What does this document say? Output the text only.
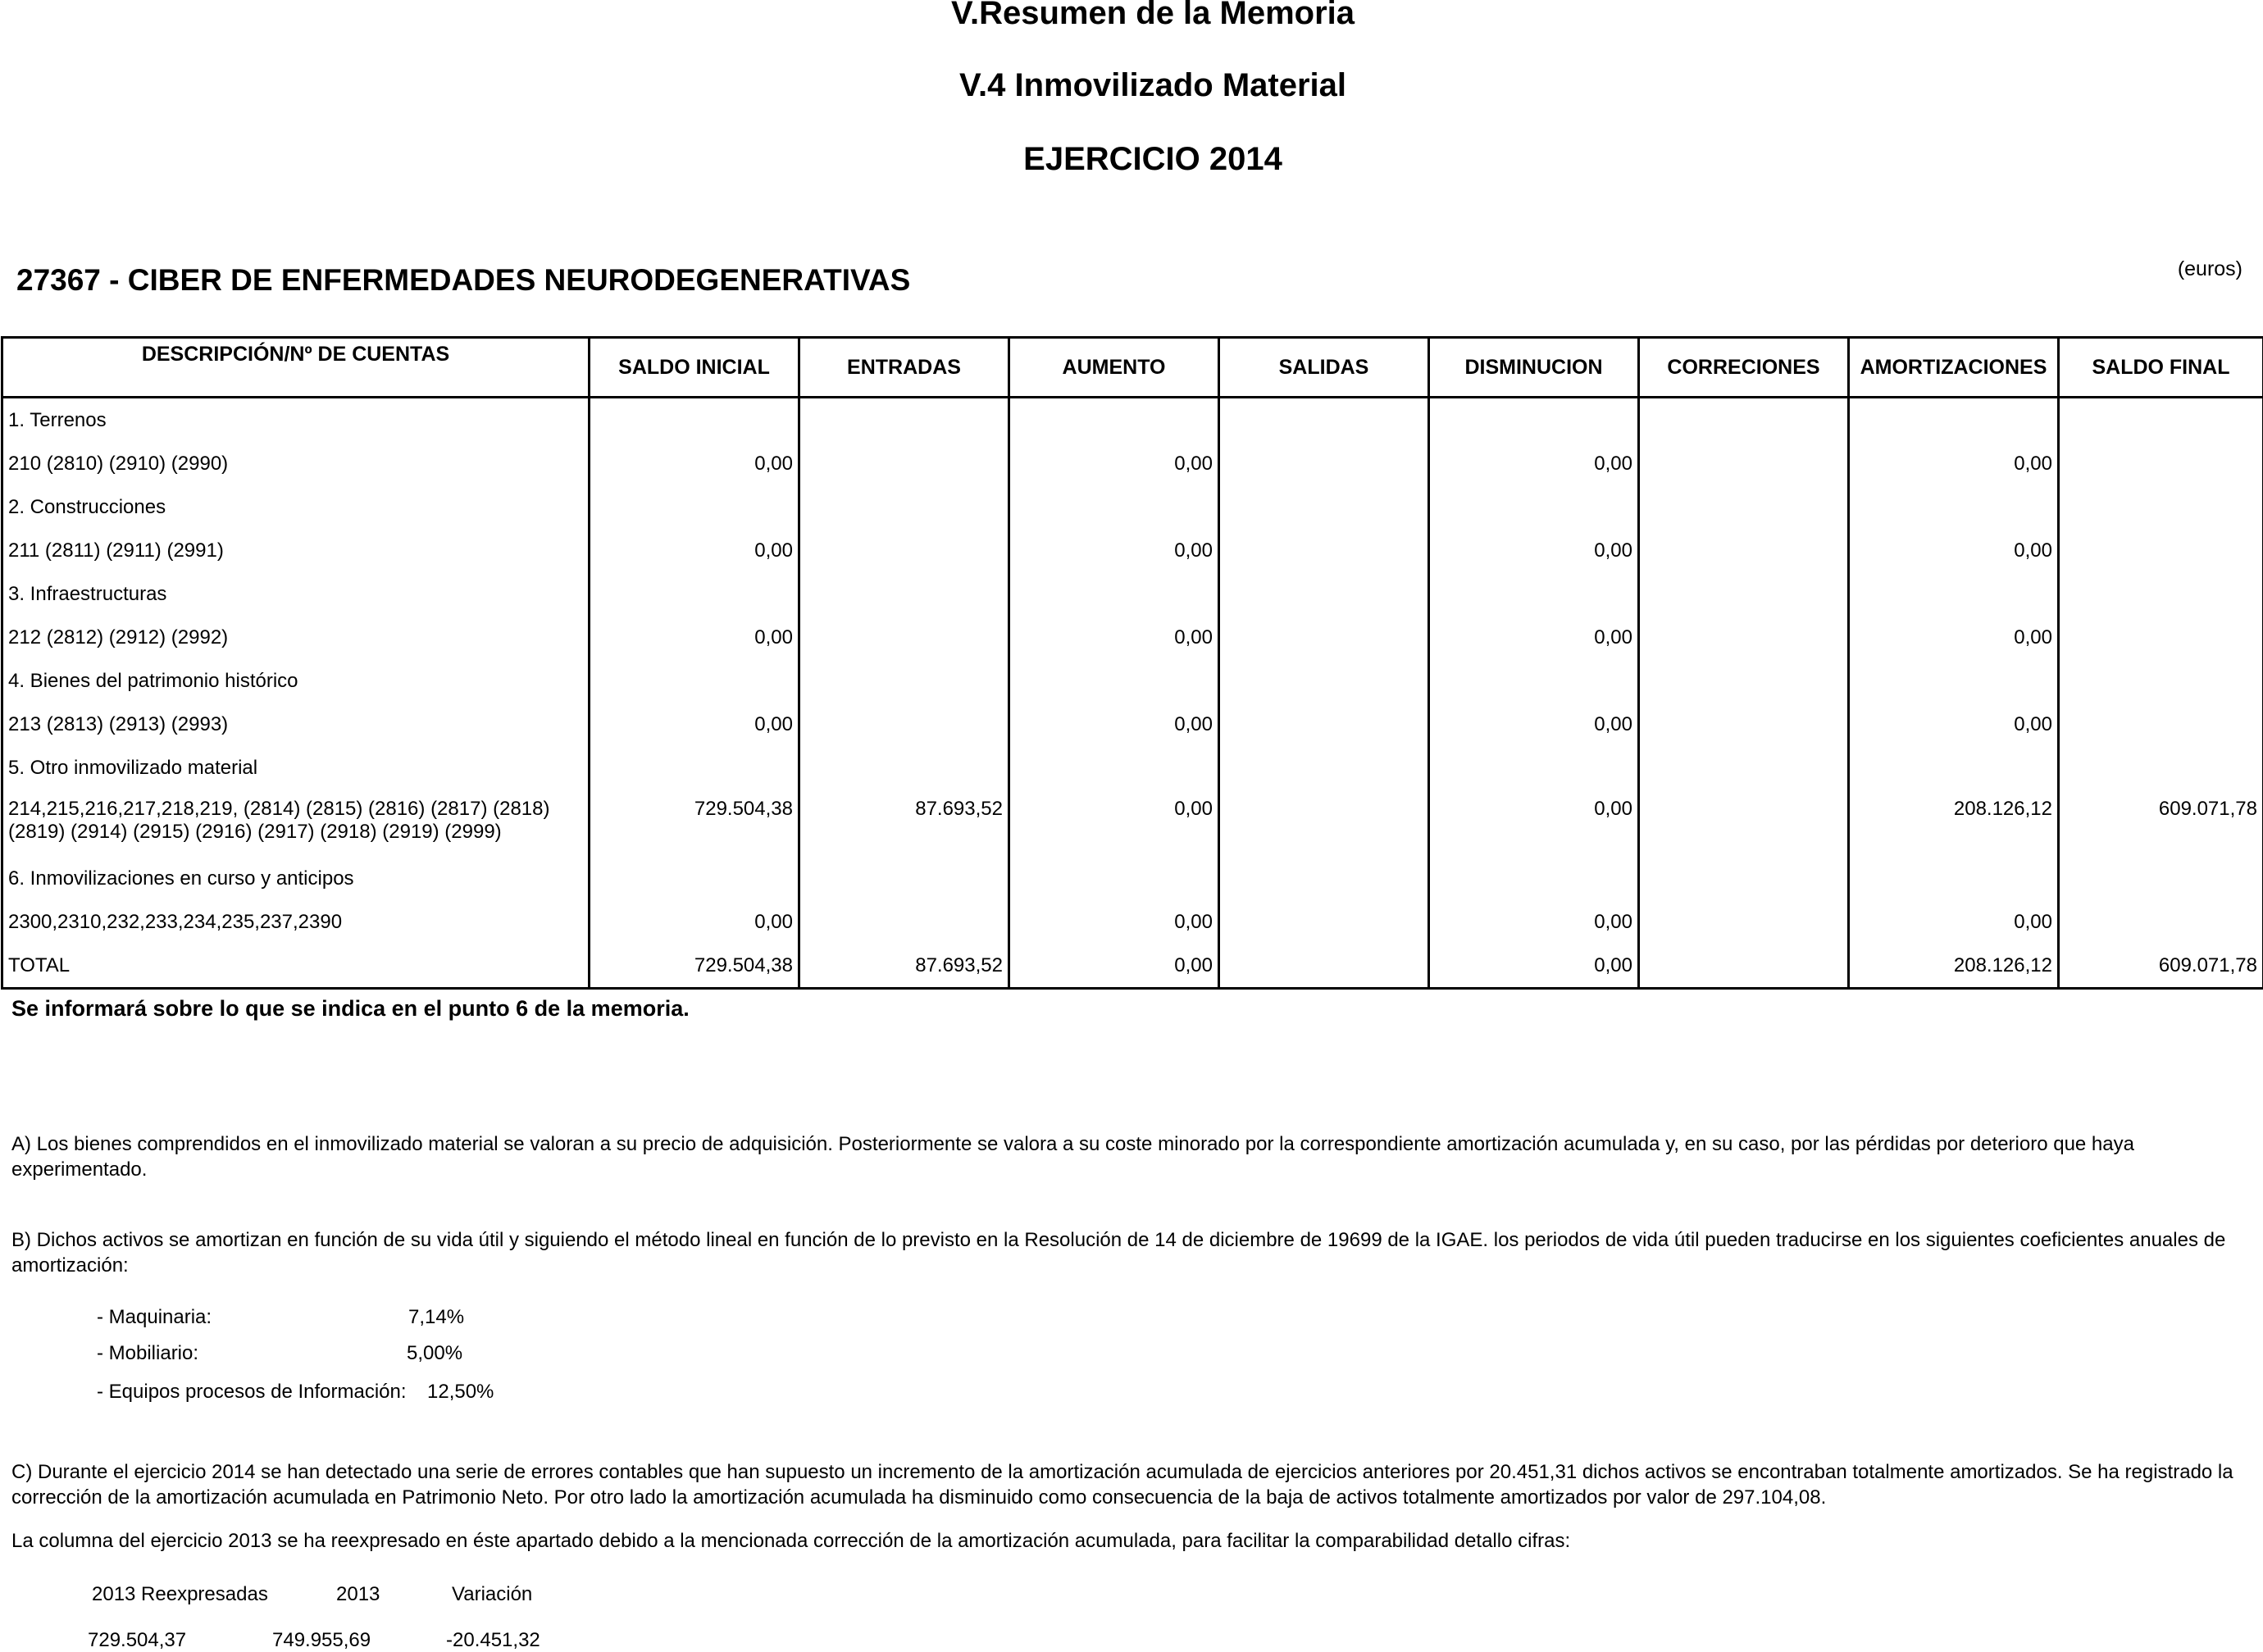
V.Resumen de la Memoria
V.4 Inmovilizado Material
EJERCICIO 2014
27367 - CIBER DE ENFERMEDADES NEURODEGENERATIVAS	(euros)
DESCRIPCIÓN/Nº DE CUENTAS	SALDO INICIAL	ENTRADAS	AUMENTO	SALIDAS	DISMINUCION	CORRECIONES	AMORTIZACIONES	SALDO FINAL
1. Terrenos								
210 (2810) (2910) (2990)	0,00		0,00		0,00		0,00	
2. Construcciones								
211 (2811) (2911) (2991)	0,00		0,00		0,00		0,00	
3. Infraestructuras								
212 (2812) (2912) (2992)	0,00		0,00		0,00		0,00	
4. Bienes del patrimonio histórico								
213 (2813) (2913) (2993)	0,00		0,00		0,00		0,00	
5. Otro inmovilizado material								
214,215,216,217,218,219, (2814) (2815) (2816) (2817) (2818) (2819) (2914) (2915) (2916) (2917) (2918) (2919) (2999)	729.504,38	87.693,52	0,00		0,00		208.126,12	609.071,78
6. Inmovilizaciones en curso y anticipos								
2300,2310,232,233,234,235,237,2390	0,00		0,00		0,00		0,00	
TOTAL	729.504,38	87.693,52	0,00		0,00		208.126,12	609.071,78
Se informará sobre lo que se indica en el punto 6 de la memoria.
A) Los bienes comprendidos en el inmovilizado material se valoran a su precio de adquisición. Posteriormente se valora a su coste minorado por la correspondiente amortización acumulada y, en su caso, por las pérdidas por deterioro que haya experimentado.
B) Dichos activos se amortizan en función de su vida útil y siguiendo el método lineal en función de lo previsto en la Resolución de 14 de diciembre de 19699 de la IGAE. los periodos de vida útil pueden traducirse en los siguientes coeficientes anuales de amortización:
- Maquinaria:	7,14%
- Mobiliario:	5,00%
- Equipos procesos de Información: 12,50%
C) Durante el ejercicio 2014 se han detectado una serie de errores contables que han supuesto un incremento de la amortización acumulada de ejercicios anteriores por 20.451,31 dichos activos se encontraban totalmente amortizados. Se ha registrado la corrección de la amortización acumulada en Patrimonio Neto. Por otro lado la amortización acumulada ha disminuido como consecuencia de la baja de activos totalmente amortizados por valor de 297.104,08.
La columna del ejercicio 2013 se ha reexpresado en éste apartado debido a la mencionada corrección de la amortización acumulada, para facilitar la comparabilidad detallo cifras:
2013 Reexpresadas	2013	Variación
729.504,37	749.955,69	-20.451,32
